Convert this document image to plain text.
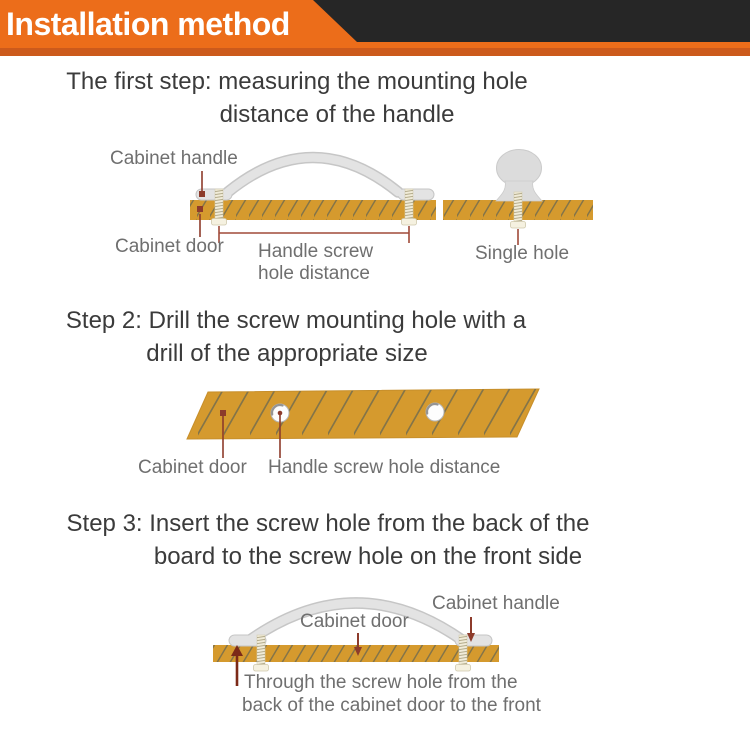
Installation method
The first step: measuring the mounting hole
distance of the handle
Step 2: Drill the screw mounting hole with a
drill of the appropriate size
Step 3: Insert the screw hole from the back of the
board to the screw hole on the front side
Cabinet handle
Cabinet door Handle screw
hole distance
Single hole
Cabinet door Handle screw hole distance
Cabinet handle
Cabinet door
Through the screw hole from the
back of the cabinet door to the front
